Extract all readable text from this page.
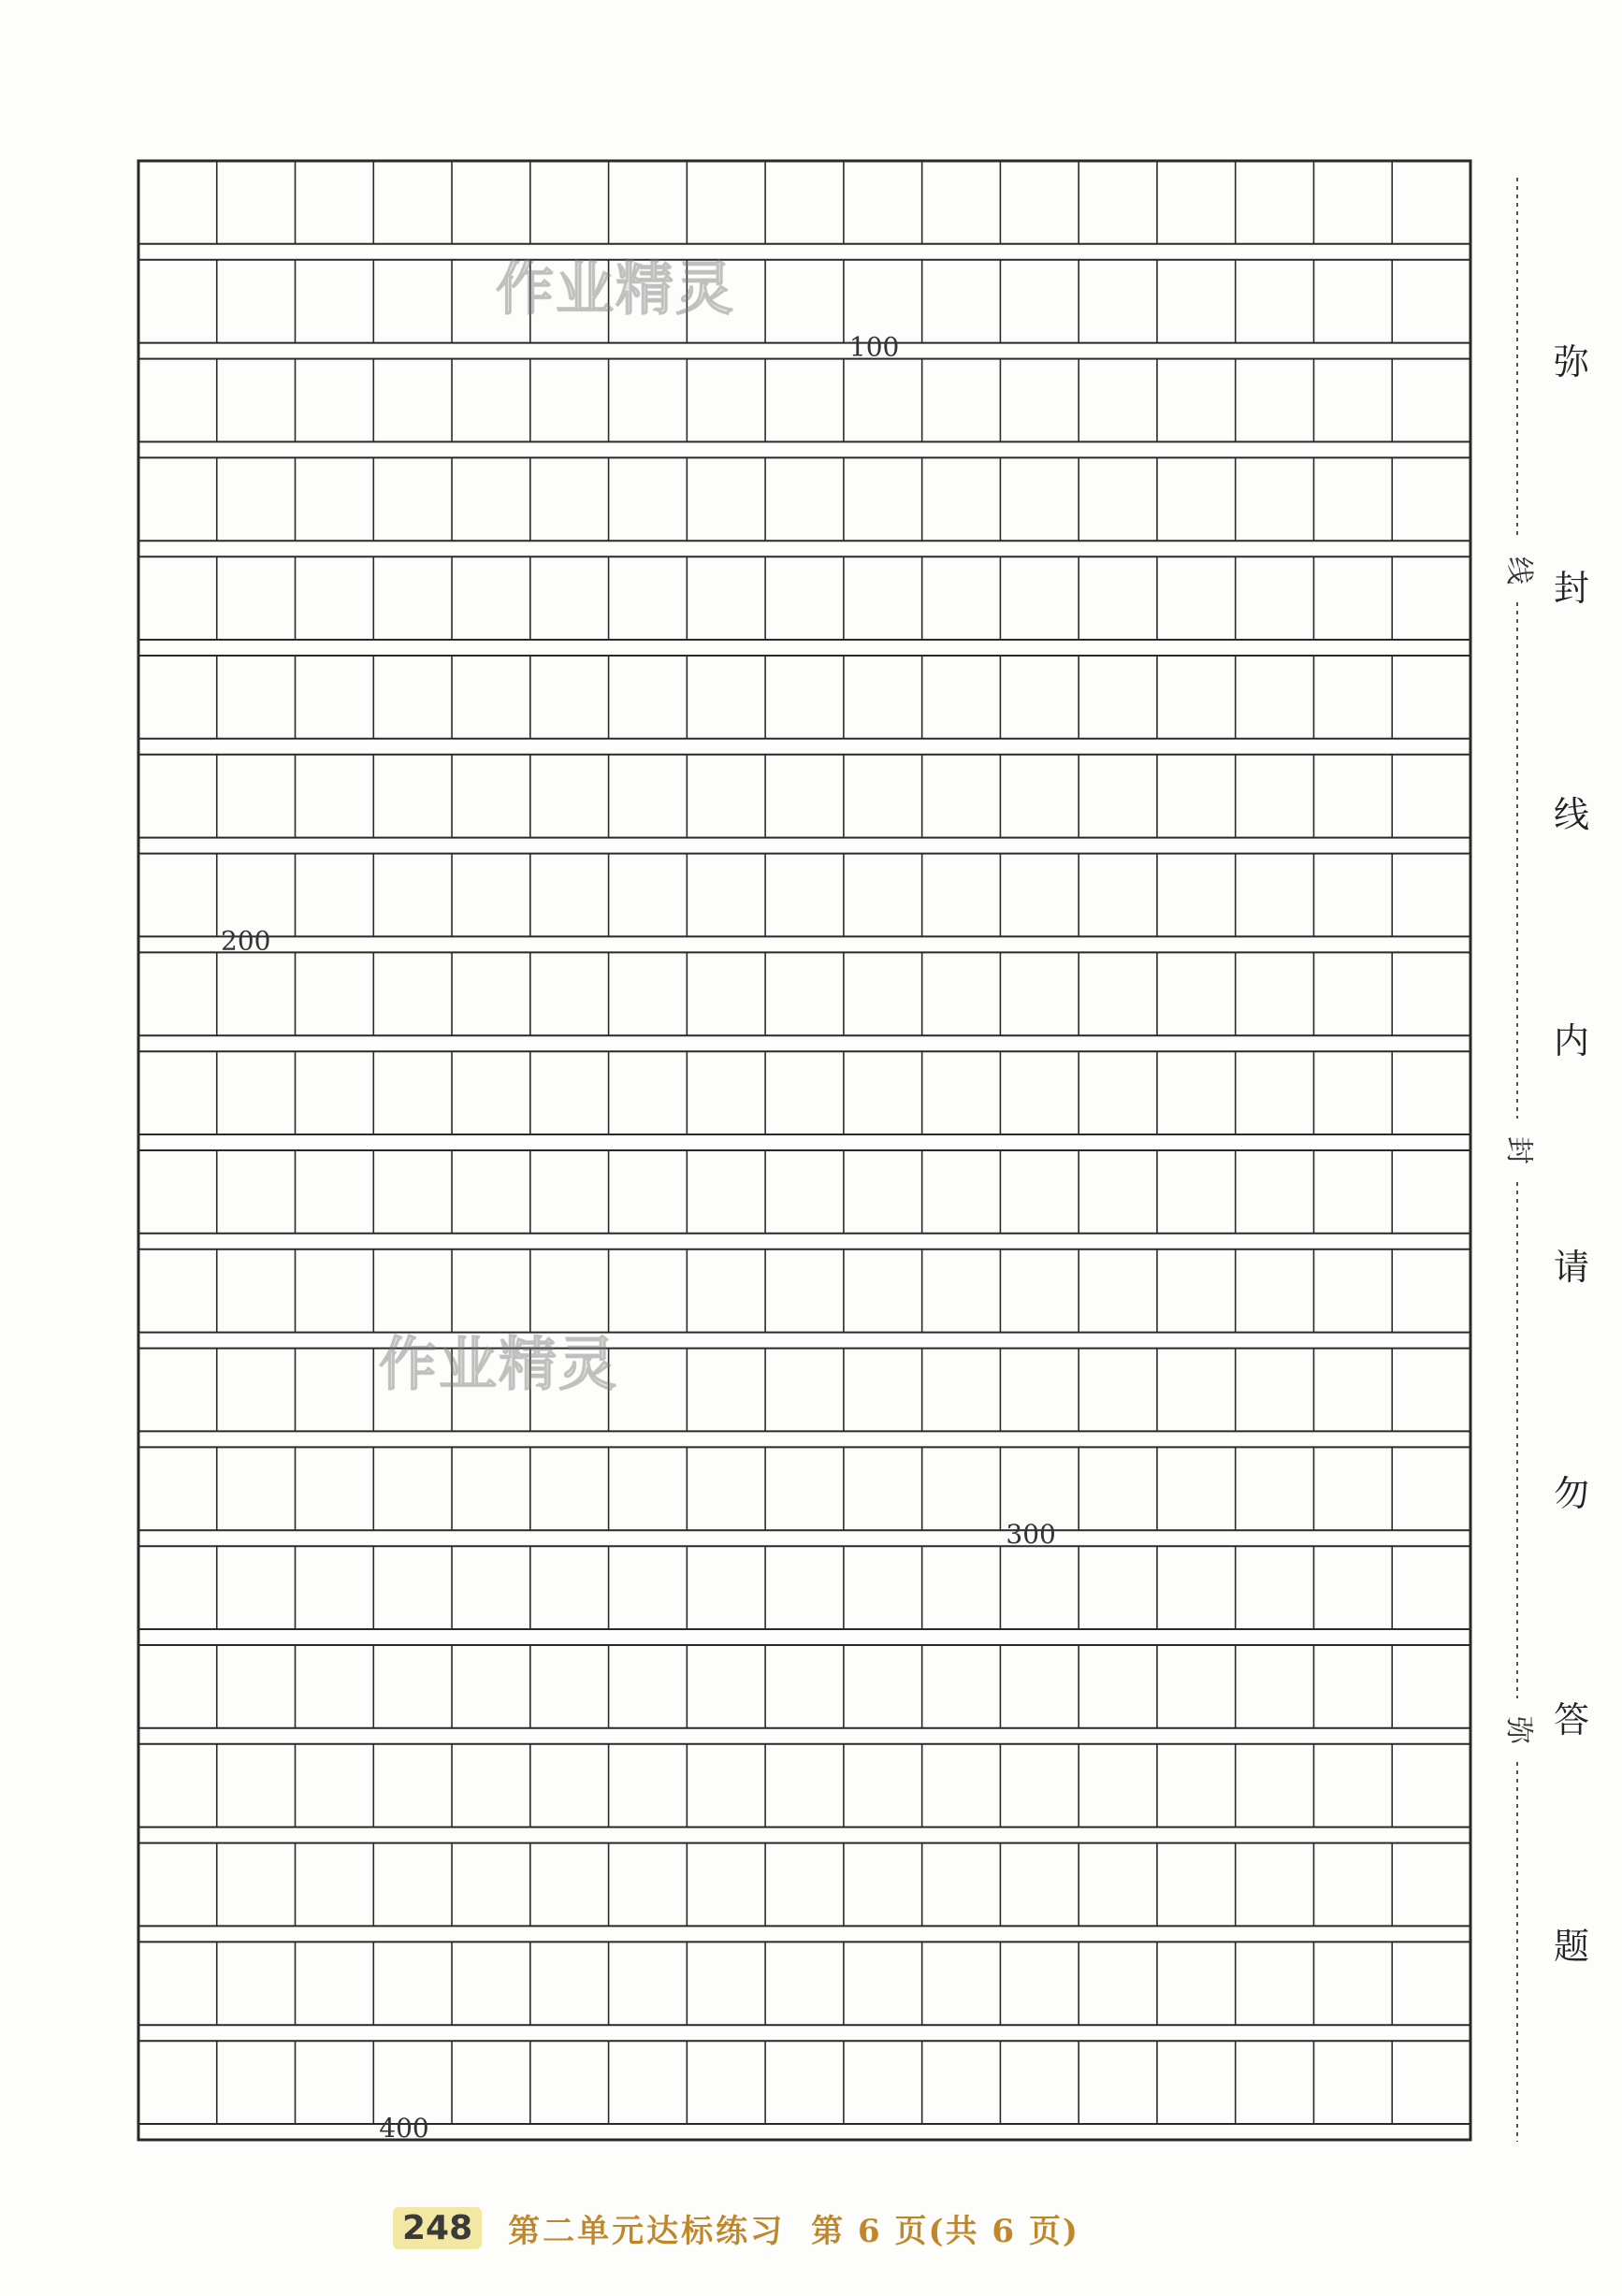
100
200
300
400
作业精灵
作业精灵
线
封
弥
弥
封
线
内
请
勿
答
题
248 第二单元达标练习 第 6 页(共 6 页)
